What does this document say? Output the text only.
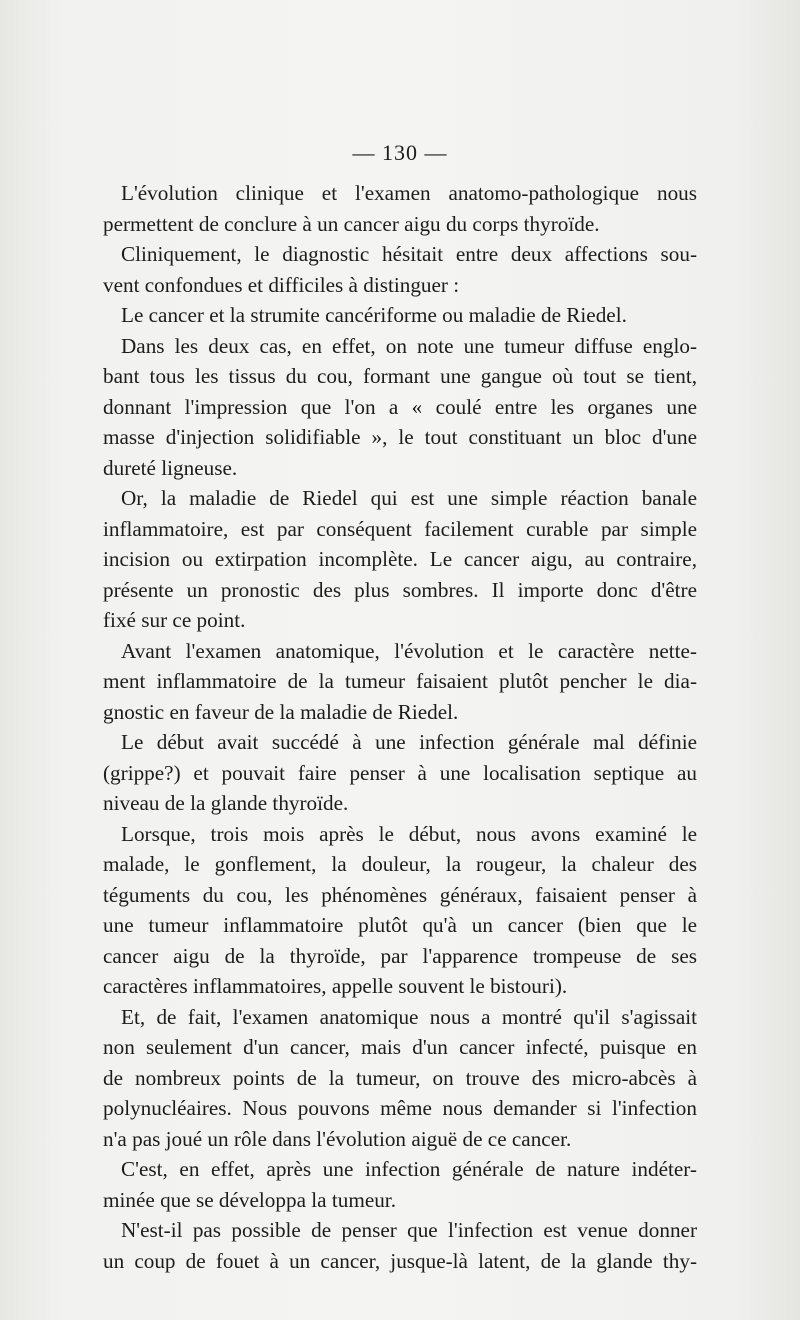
— 130 —
L'évolution clinique et l'examen anatomo-pathologique nous
permettent de conclure à un cancer aigu du corps thyroïde.
Cliniquement, le diagnostic hésitait entre deux affections sou-
vent confondues et difficiles à distinguer :
Le cancer et la strumite cancériforme ou maladie de Riedel.
Dans les deux cas, en effet, on note une tumeur diffuse englo-
bant tous les tissus du cou, formant une gangue où tout se tient,
donnant l'impression que l'on a « coulé entre les organes une
masse d'injection solidifiable », le tout constituant un bloc d'une
dureté ligneuse.
Or, la maladie de Riedel qui est une simple réaction banale
inflammatoire, est par conséquent facilement curable par simple
incision ou extirpation incomplète. Le cancer aigu, au contraire,
présente un pronostic des plus sombres. Il importe donc d'être
fixé sur ce point.
Avant l'examen anatomique, l'évolution et le caractère nette-
ment inflammatoire de la tumeur faisaient plutôt pencher le dia-
gnostic en faveur de la maladie de Riedel.
Le début avait succédé à une infection générale mal définie
(grippe?) et pouvait faire penser à une localisation septique au
niveau de la glande thyroïde.
Lorsque, trois mois après le début, nous avons examiné le
malade, le gonflement, la douleur, la rougeur, la chaleur des
téguments du cou, les phénomènes généraux, faisaient penser à
une tumeur inflammatoire plutôt qu'à un cancer (bien que le
cancer aigu de la thyroïde, par l'apparence trompeuse de ses
caractères inflammatoires, appelle souvent le bistouri).
Et, de fait, l'examen anatomique nous a montré qu'il s'agissait
non seulement d'un cancer, mais d'un cancer infecté, puisque en
de nombreux points de la tumeur, on trouve des micro-abcès à
polynucléaires. Nous pouvons même nous demander si l'infection
n'a pas joué un rôle dans l'évolution aiguë de ce cancer.
C'est, en effet, après une infection générale de nature indéter-
minée que se développa la tumeur.
N'est-il pas possible de penser que l'infection est venue donner
un coup de fouet à un cancer, jusque-là latent, de la glande thy-
